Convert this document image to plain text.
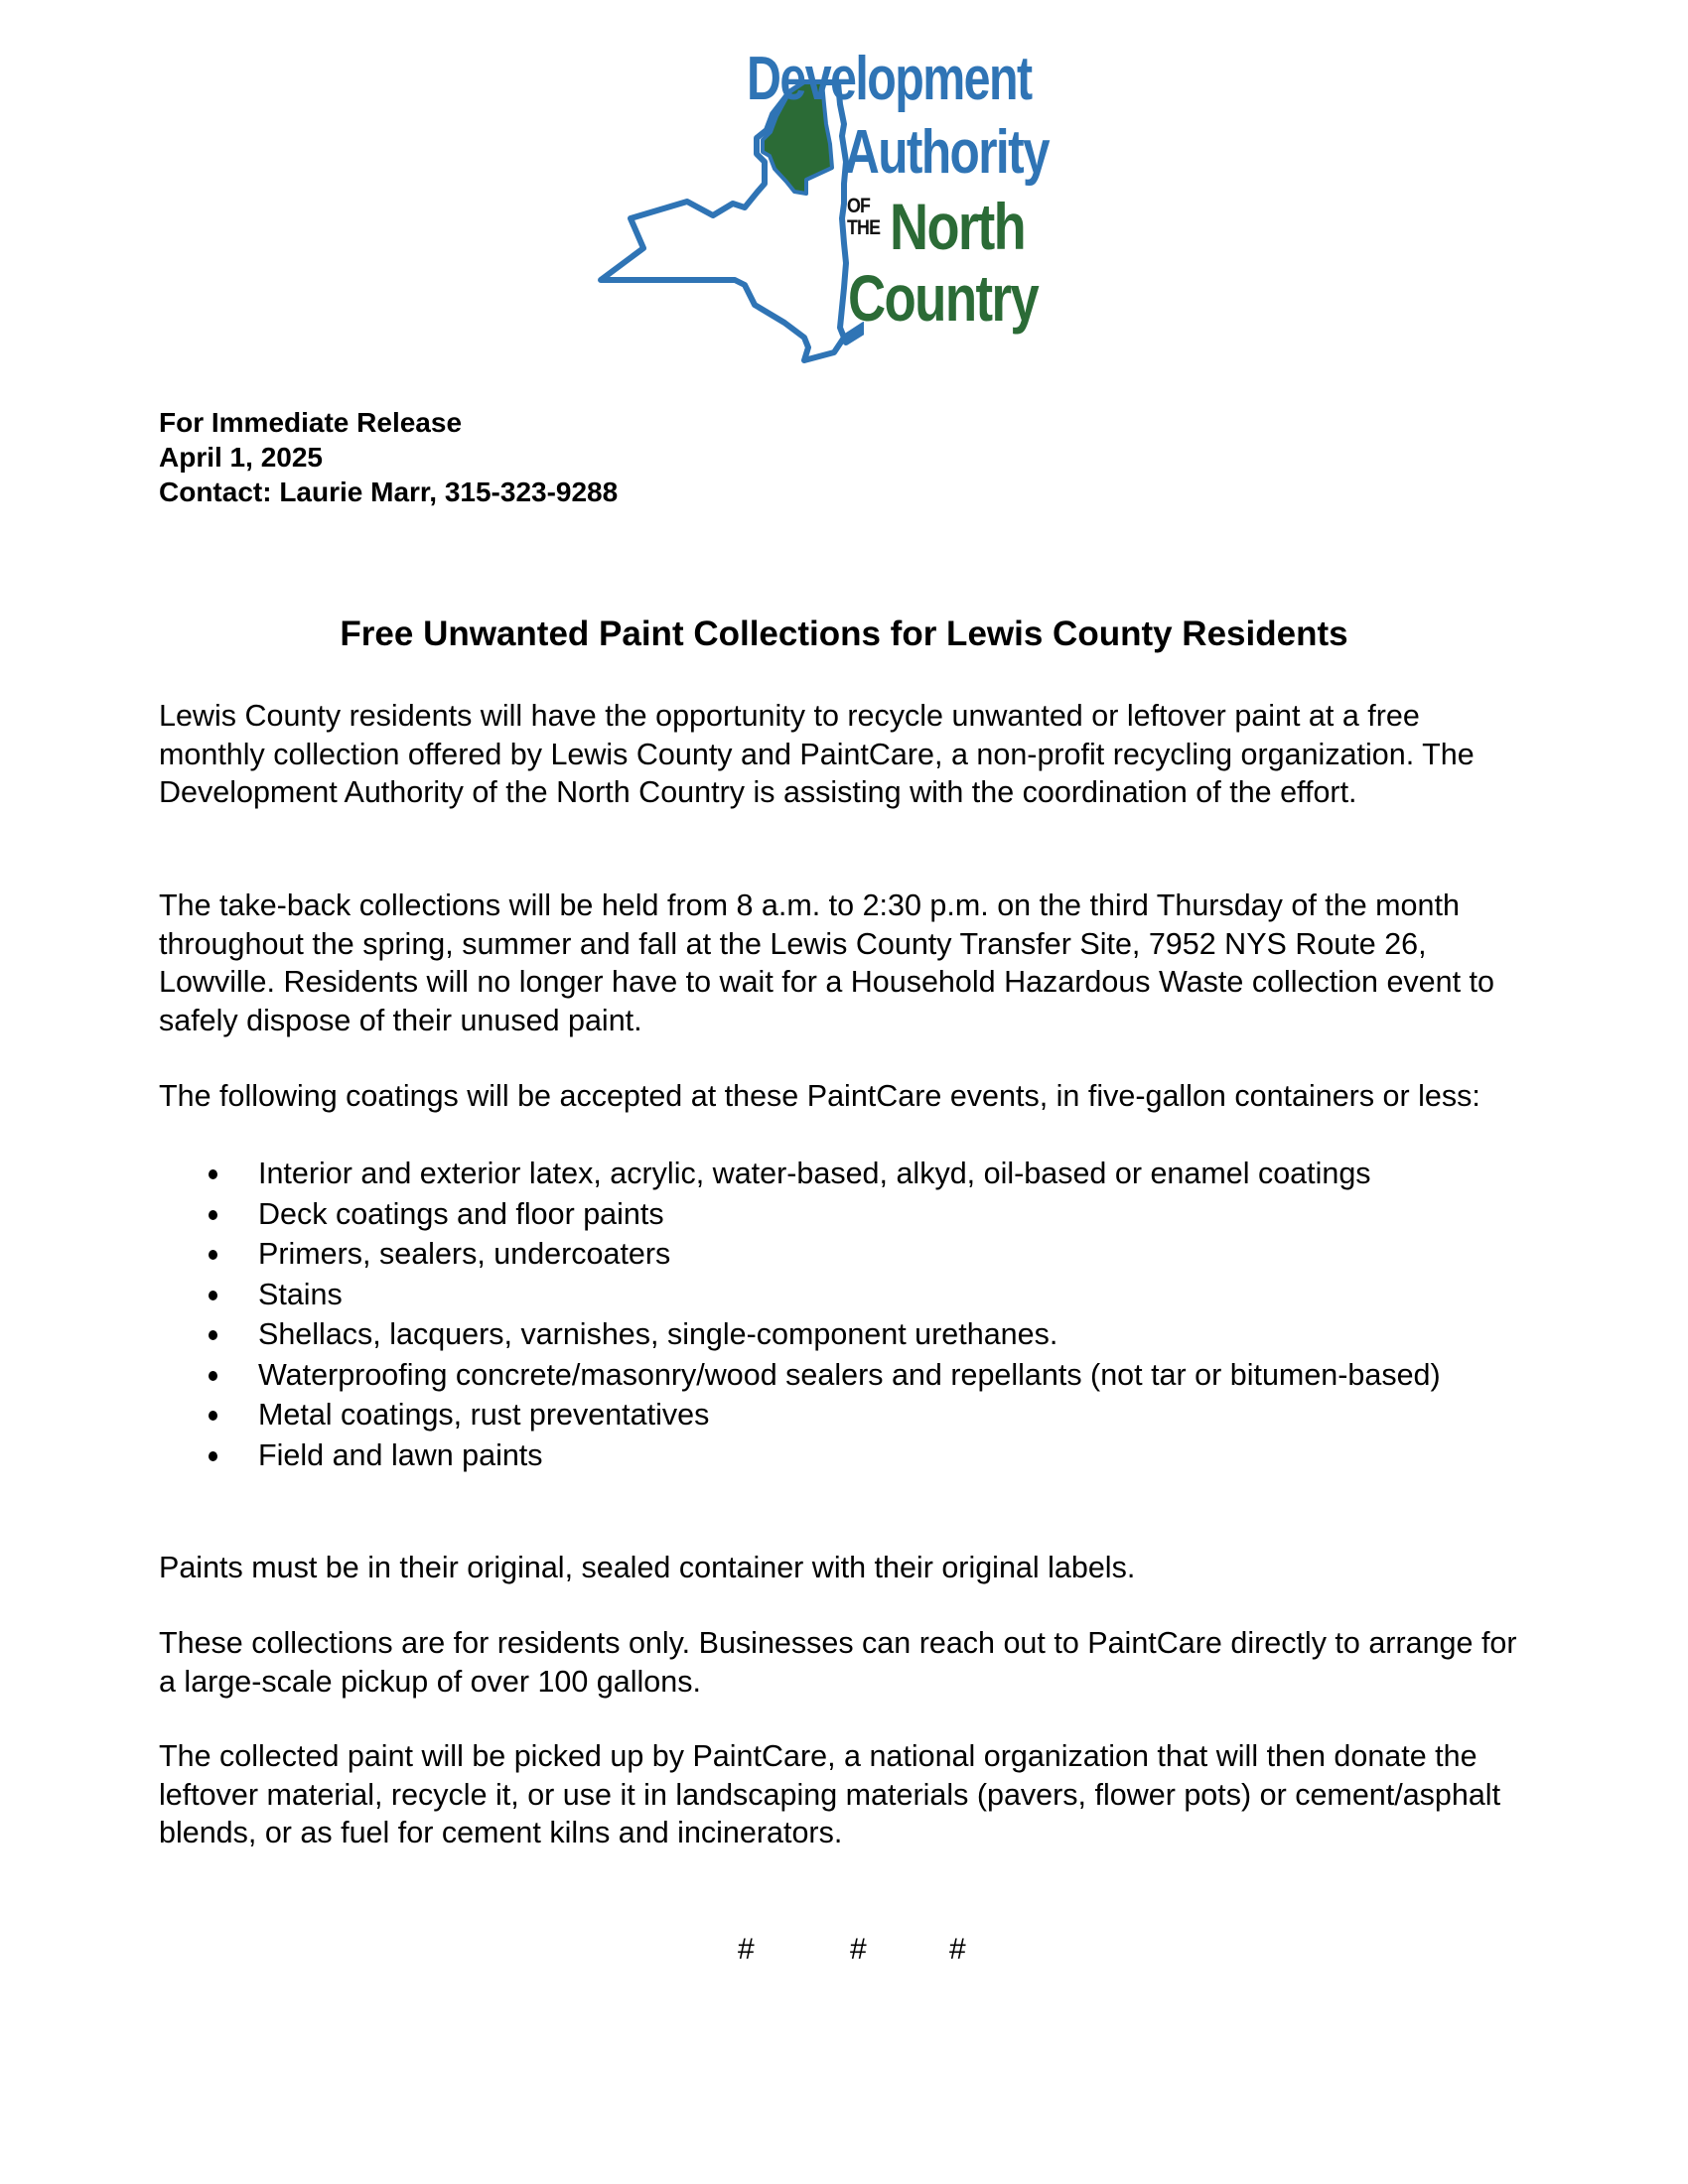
Development
Authority
OF
THE North
Country
For Immediate Release
April 1, 2025
Contact: Laurie Marr, 315-323-9288
Free Unwanted Paint Collections for Lewis County Residents

Lewis County residents will have the opportunity to recycle unwanted or leftover paint at a free monthly collection offered by Lewis County and PaintCare, a non-profit recycling organization. The Development Authority of the North Country is assisting with the coordination of the effort.

The take-back collections will be held from 8 a.m. to 2:30 p.m. on the third Thursday of the month throughout the spring, summer and fall at the Lewis County Transfer Site, 7952 NYS Route 26, Lowville. Residents will no longer have to wait for a Household Hazardous Waste collection event to safely dispose of their unused paint.

The following coatings will be accepted at these PaintCare events, in five-gallon containers or less:

Interior and exterior latex, acrylic, water-based, alkyd, oil-based or enamel coatings
Deck coatings and floor paints
Primers, sealers, undercoaters
Stains
Shellacs, lacquers, varnishes, single-component urethanes.
Waterproofing concrete/masonry/wood sealers and repellants (not tar or bitumen-based)
Metal coatings, rust preventatives
Field and lawn paints

Paints must be in their original, sealed container with their original labels.

These collections are for residents only. Businesses can reach out to PaintCare directly to arrange for a large-scale pickup of over 100 gallons.

The collected paint will be picked up by PaintCare, a national organization that will then donate the leftover material, recycle it, or use it in landscaping materials (pavers, flower pots) or cement/asphalt blends, or as fuel for cement kilns and incinerators.

#	#	#
